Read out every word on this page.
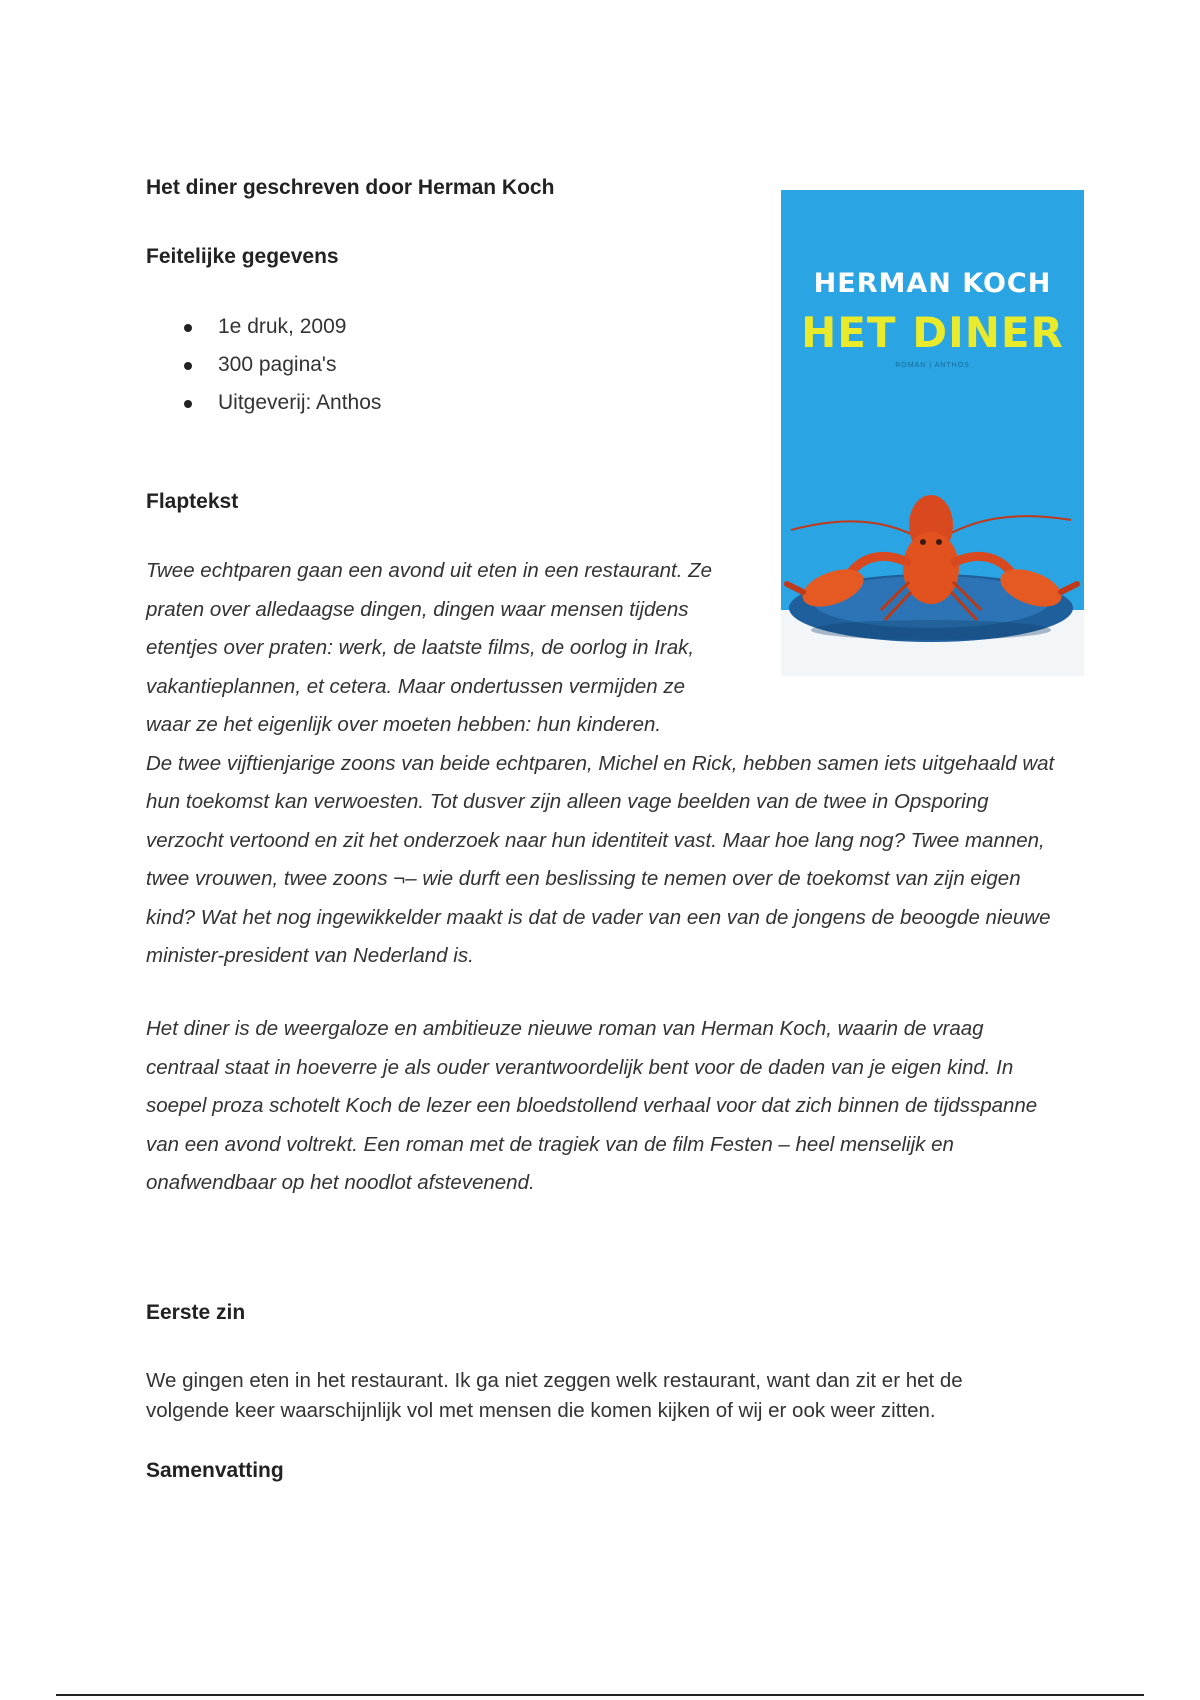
Het diner geschreven door Herman Koch
Feitelijke gegevens
1e druk, 2009
300 pagina's
Uitgeverij: Anthos
Flaptekst
Twee echtparen gaan een avond uit eten in een restaurant. Ze praten over alledaagse dingen, dingen waar mensen tijdens etentjes over praten: werk, de laatste films, de oorlog in Irak, vakantieplannen, et cetera. Maar ondertussen vermijden ze waar ze het eigenlijk over moeten hebben: hun kinderen.
De twee vijftienjarige zoons van beide echtparen, Michel en Rick, hebben samen iets uitgehaald wat hun toekomst kan verwoesten. Tot dusver zijn alleen vage beelden van de twee in Opsporing verzocht vertoond en zit het onderzoek naar hun identiteit vast. Maar hoe lang nog? Twee mannen, twee vrouwen, twee zoons ¬– wie durft een beslissing te nemen over de toekomst van zijn eigen kind? Wat het nog ingewikkelder maakt is dat de vader van een van de jongens de beoogde nieuwe minister-president van Nederland is.

Het diner is de weergaloze en ambitieuze nieuwe roman van Herman Koch, waarin de vraag centraal staat in hoeverre je als ouder verantwoordelijk bent voor de daden van je eigen kind. In soepel proza schotelt Koch de lezer een bloedstollend verhaal voor dat zich binnen de tijdsspanne van een avond voltrekt. Een roman met de tragiek van de film Festen – heel menselijk en onafwendbaar op het noodlot afstevenend.

Eerste zin

We gingen eten in het restaurant. Ik ga niet zeggen welk restaurant, want dan zit er het de volgende keer waarschijnlijk vol met mensen die komen kijken of wij er ook weer zitten.

Samenvatting
HERMAN KOCH
HET DINER
ROMAN | ANTHOS
